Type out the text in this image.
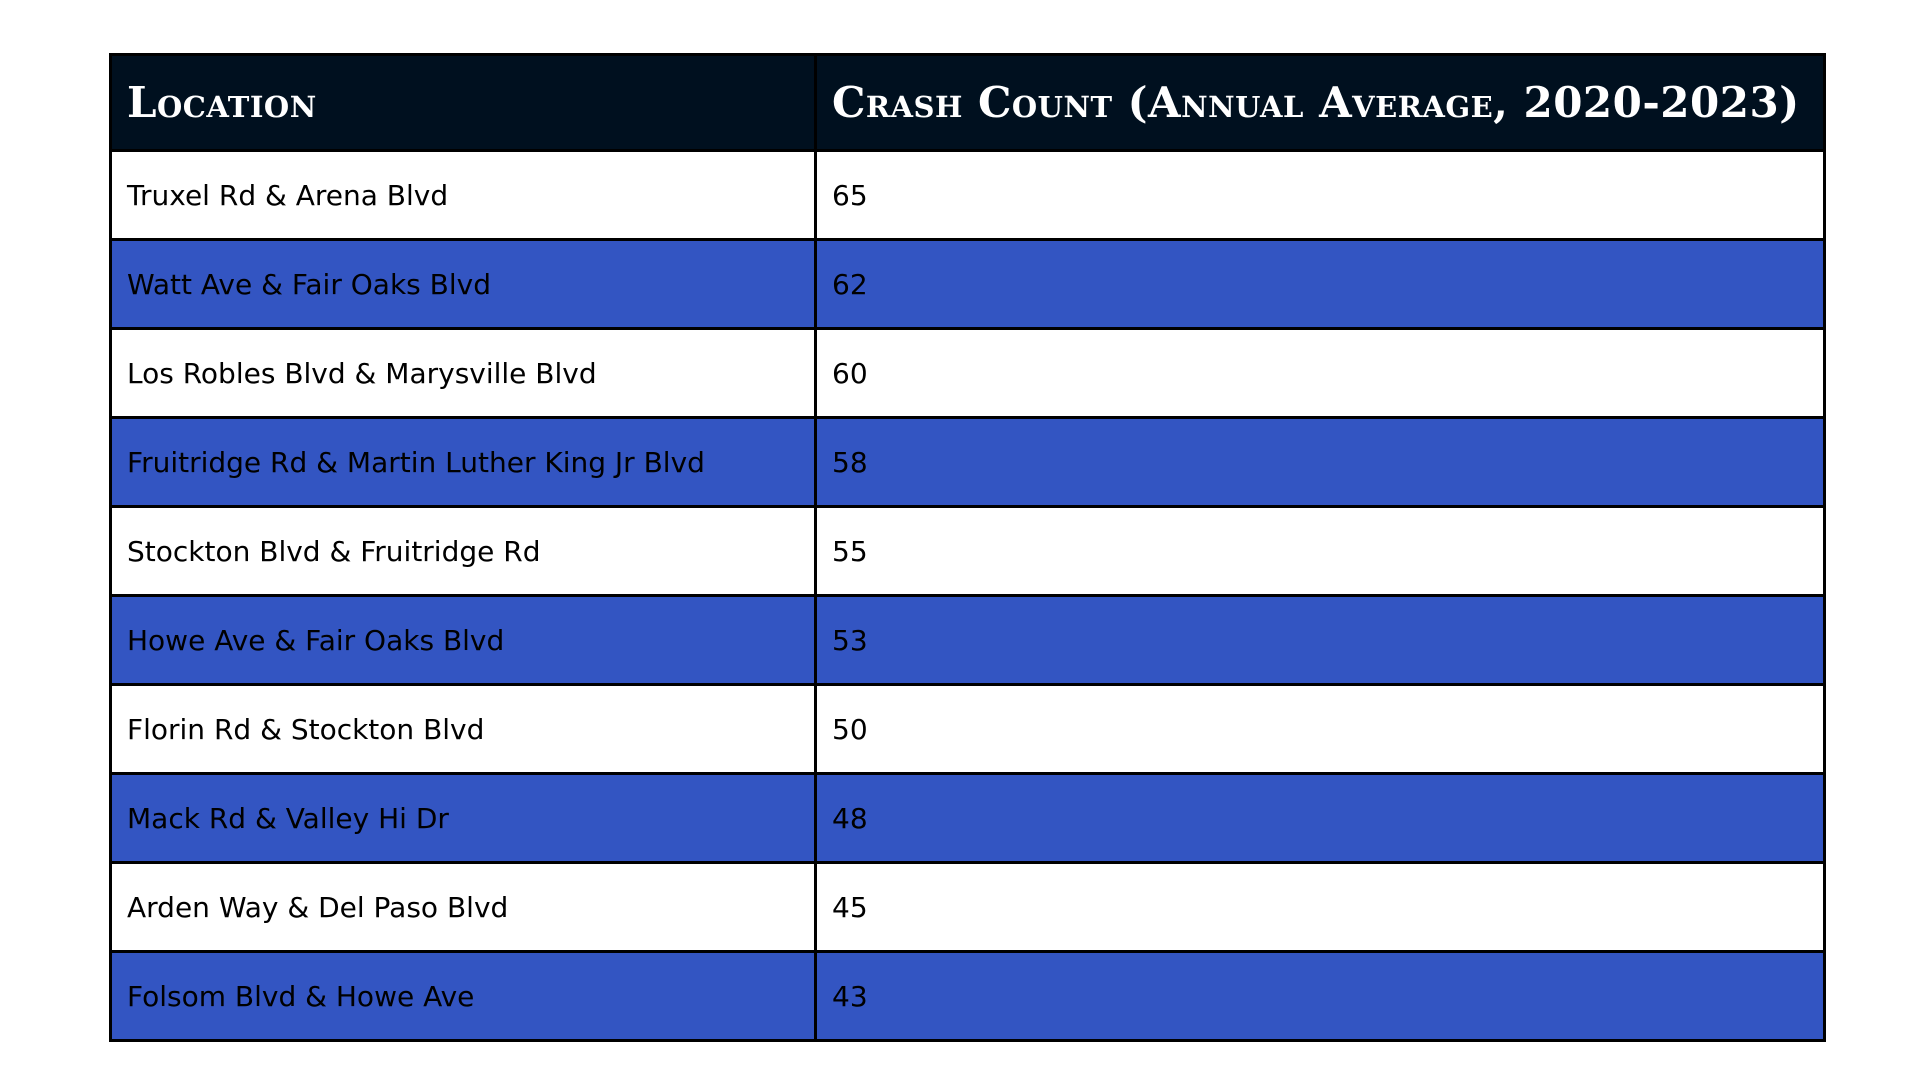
Location	Crash Count (Annual Average, 2020-2023)
Truxel Rd & Arena Blvd	65
Watt Ave & Fair Oaks Blvd	62
Los Robles Blvd & Marysville Blvd	60
Fruitridge Rd & Martin Luther King Jr Blvd	58
Stockton Blvd & Fruitridge Rd	55
Howe Ave & Fair Oaks Blvd	53
Florin Rd & Stockton Blvd	50
Mack Rd & Valley Hi Dr	48
Arden Way & Del Paso Blvd	45
Folsom Blvd & Howe Ave	43
